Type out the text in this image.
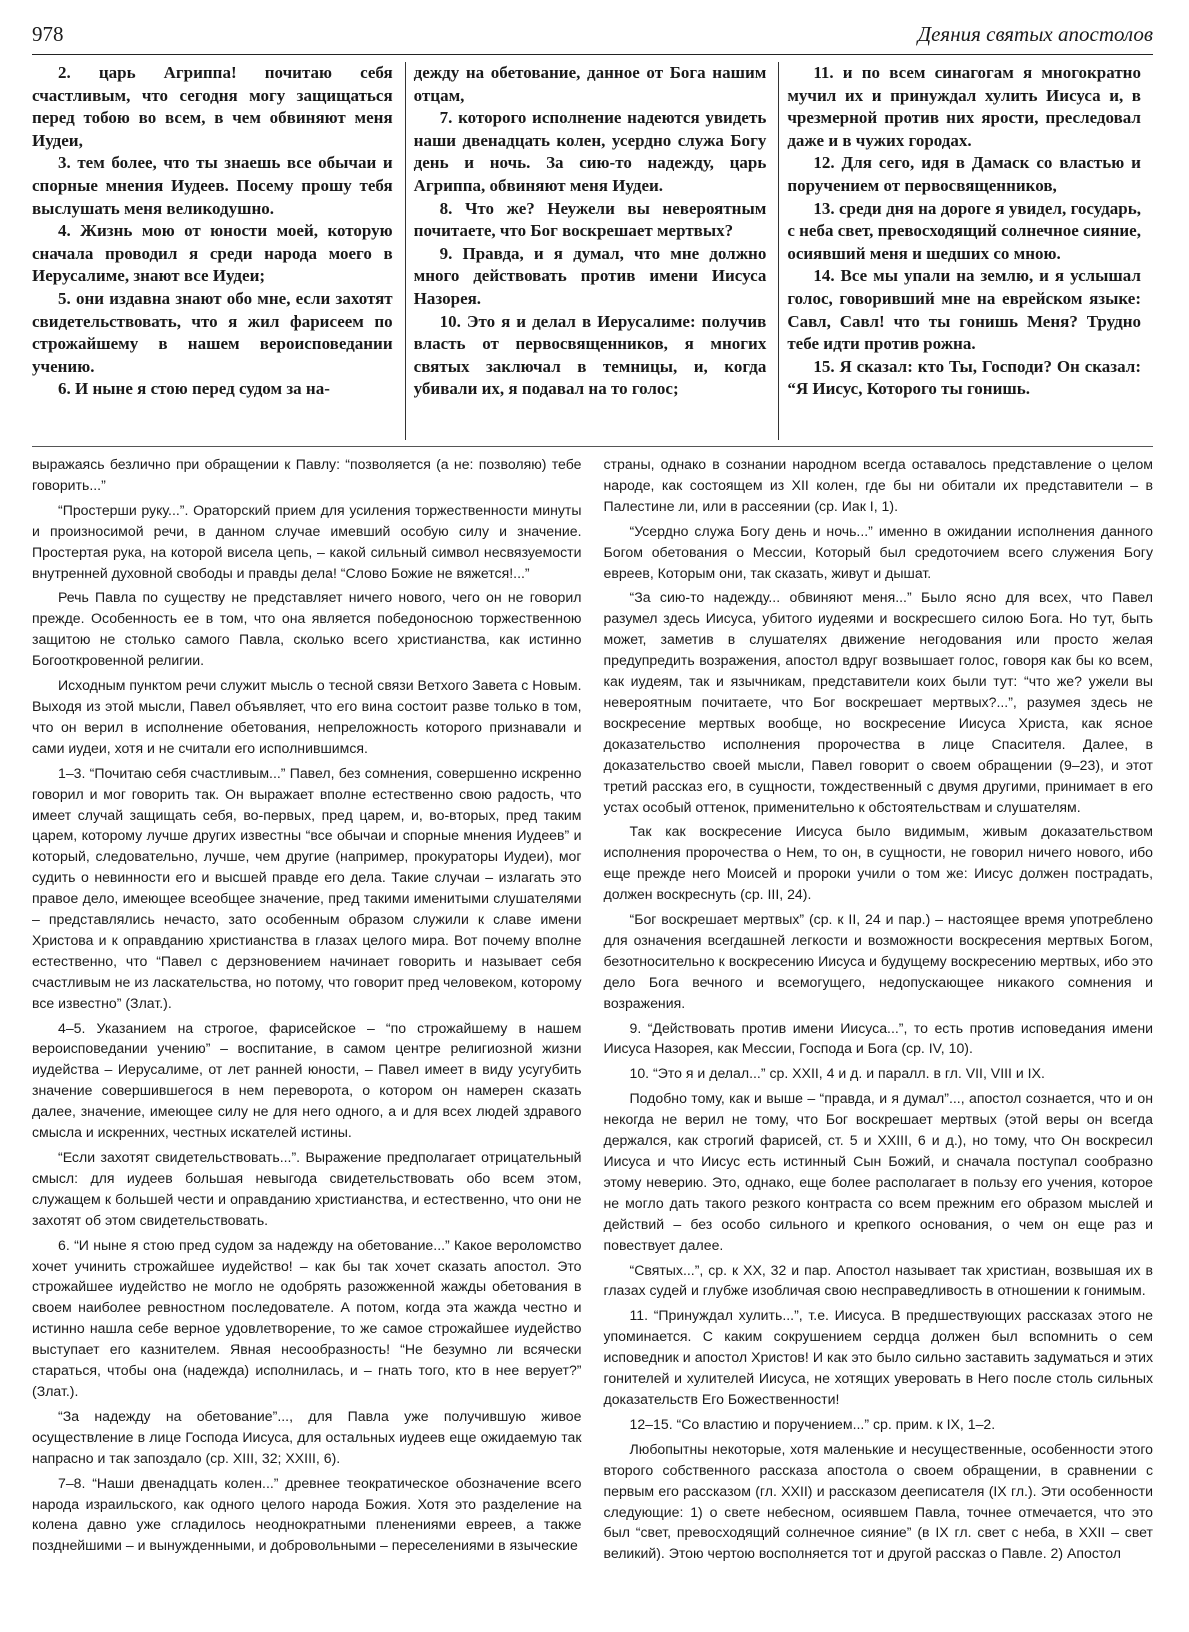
978	Деяния святых апостолов

2. царь Агриппа! почитаю себя счастливым, что сегодня могу защищаться перед тобою во всем, в чем обвиняют меня Иудеи,

3. тем более, что ты знаешь все обычаи и спорные мнения Иудеев. Посему прошу тебя выслушать меня великодушно.

4. Жизнь мою от юности моей, которую сначала проводил я среди народа моего в Иерусалиме, знают все Иудеи;

5. они издавна знают обо мне, если захотят свидетельствовать, что я жил фарисеем по строжайшему в нашем вероисповедании учению.

6. И ныне я стою перед судом за на-

дежду на обетование, данное от Бога нашим отцам,

7. которого исполнение надеются увидеть наши двенадцать колен, усердно служа Богу день и ночь. За сию-то надежду, царь Агриппа, обвиняют меня Иудеи.

8. Что же? Неужели вы невероятным почитаете, что Бог воскрешает мертвых?

9. Правда, и я думал, что мне должно много действовать против имени Иисуса Назорея.

10. Это я и делал в Иерусалиме: получив власть от первосвященников, я многих святых заключал в темницы, и, когда убивали их, я подавал на то голос;

11. и по всем синагогам я многократно мучил их и принуждал хулить Иисуса и, в чрезмерной против них ярости, преследовал даже и в чужих городах.

12. Для сего, идя в Дамаск со властью и поручением от первосвященников,

13. среди дня на дороге я увидел, государь, с неба свет, превосходящий солнечное сияние, осиявший меня и шедших со мною.

14. Все мы упали на землю, и я услышал голос, говоривший мне на еврейском языке: Савл, Савл! что ты гонишь Меня? Трудно тебе идти против рожна.

15. Я сказал: кто Ты, Господи? Он сказал: “Я Иисус, Которого ты гонишь.

выражаясь безлично при обращении к Павлу: “позволяется (а не: позволяю) тебе говорить...”

“Простерши руку...”. Ораторский прием для усиления торжественности минуты и произносимой речи, в данном случае имевший особую силу и значение. Простертая рука, на которой висела цепь, – какой сильный символ несвязуемости внутренней духовной свободы и правды дела! “Слово Божие не вяжется!...”

Речь Павла по существу не представляет ничего нового, чего он не говорил прежде. Особенность ее в том, что она является победоносною торжественною защитою не столько самого Павла, сколько всего христианства, как истинно Богооткровенной религии.

Исходным пунктом речи служит мысль о тесной связи Ветхого Завета с Новым. Выходя из этой мысли, Павел объявляет, что его вина состоит разве только в том, что он верил в исполнение обетования, непреложность которого признавали и сами иудеи, хотя и не считали его исполнившимся.

1–3. “Почитаю себя счастливым...” Павел, без сомнения, совершенно искренно говорил и мог говорить так. Он выражает вполне естественно свою радость, что имеет случай защищать себя, во-первых, пред царем, и, во-вторых, пред таким царем, которому лучше других известны “все обычаи и спорные мнения Иудеев” и который, следовательно, лучше, чем другие (например, прокураторы Иудеи), мог судить о невинности его и высшей правде его дела. Такие случаи – излагать это правое дело, имеющее всеобщее значение, пред такими именитыми слушателями – представлялись нечасто, зато особенным образом служили к славе имени Христова и к оправданию христианства в глазах целого мира. Вот почему вполне естественно, что “Павел с дерзновением начинает говорить и называет себя счастливым не из ласкательства, но потому, что говорит пред человеком, которому все известно” (Злат.).

4–5. Указанием на строгое, фарисейское – “по строжайшему в нашем вероисповедании учению” – воспитание, в самом центре религиозной жизни иудейства – Иерусалиме, от лет ранней юности, – Павел имеет в виду усугубить значение совершившегося в нем переворота, о котором он намерен сказать далее, значение, имеющее силу не для него одного, а и для всех людей здравого смысла и искренних, честных искателей истины.

“Если захотят свидетельствовать...”. Выражение предполагает отрицательный смысл: для иудеев большая невыгода свидетельствовать обо всем этом, служащем к большей чести и оправданию христианства, и естественно, что они не захотят об этом свидетельствовать.

6. “И ныне я стою пред судом за надежду на обетование...” Какое вероломство хочет учинить строжайшее иудейство! – как бы так хочет сказать апостол. Это строжайшее иудейство не могло не одобрять разожженной жажды обетования в своем наиболее ревностном последователе. А потом, когда эта жажда честно и истинно нашла себе верное удовлетворение, то же самое строжайшее иудейство выступает его казнителем. Явная несообразность! “Не безумно ли всячески стараться, чтобы она (надежда) исполнилась, и – гнать того, кто в нее верует?” (Злат.).

“За надежду на обетование”..., для Павла уже получившую живое осуществление в лице Господа Иисуса, для остальных иудеев еще ожидаемую так напрасно и так запоздало (ср. XIII, 32; XXIII, 6).

7–8. “Наши двенадцать колен...” древнее теократическое обозначение всего народа израильского, как одного целого народа Божия. Хотя это разделение на колена давно уже сгладилось неоднократными пленениями евреев, а также позднейшими – и вынужденными, и добровольными – переселениями в языческие

страны, однако в сознании народном всегда оставалось представление о целом народе, как состоящем из XII колен, где бы ни обитали их представители – в Палестине ли, или в рассеянии (ср. Иак I, 1).

“Усердно служа Богу день и ночь...” именно в ожидании исполнения данного Богом обетования о Мессии, Который был средоточием всего служения Богу евреев, Которым они, так сказать, живут и дышат.

“За сию-то надежду... обвиняют меня...” Было ясно для всех, что Павел разумел здесь Иисуса, убитого иудеями и воскресшего силою Бога. Но тут, быть может, заметив в слушателях движение негодования или просто желая предупредить возражения, апостол вдруг возвышает голос, говоря как бы ко всем, как иудеям, так и язычникам, представители коих были тут: “что же? ужели вы невероятным почитаете, что Бог воскрешает мертвых?...”, разумея здесь не воскресение мертвых вообще, но воскресение Иисуса Христа, как ясное доказательство исполнения пророчества в лице Спасителя. Далее, в доказательство своей мысли, Павел говорит о своем обращении (9–23), и этот третий рассказ его, в сущности, тождественный с двумя другими, принимает в его устах особый оттенок, применительно к обстоятельствам и слушателям.

Так как воскресение Иисуса было видимым, живым доказательством исполнения пророчества о Нем, то он, в сущности, не говорил ничего нового, ибо еще прежде него Моисей и пророки учили о том же: Иисус должен пострадать, должен воскреснуть (ср. III, 24).

“Бог воскрешает мертвых” (ср. к II, 24 и пар.) – настоящее время употреблено для означения всегдашней легкости и возможности воскресения мертвых Богом, безотносительно к воскресению Иисуса и будущему воскресению мертвых, ибо это дело Бога вечного и всемогущего, недопускающее никакого сомнения и возражения.

9. “Действовать против имени Иисуса...”, то есть против исповедания имени Иисуса Назорея, как Мессии, Господа и Бога (ср. IV, 10).

10. “Это я и делал...” ср. XXII, 4 и д. и паралл. в гл. VII, VIII и IX.

Подобно тому, как и выше – “правда, и я думал”..., апостол сознается, что и он некогда не верил не тому, что Бог воскрешает мертвых (этой веры он всегда держался, как строгий фарисей, ст. 5 и XXIII, 6 и д.), но тому, что Он воскресил Иисуса и что Иисус есть истинный Сын Божий, и сначала поступал сообразно этому неверию. Это, однако, еще более располагает в пользу его учения, которое не могло дать такого резкого контраста со всем прежним его образом мыслей и действий – без особо сильного и крепкого основания, о чем он еще раз и повествует далее.

“Святых...”, ср. к XX, 32 и пар. Апостол называет так христиан, возвышая их в глазах судей и глубже изобличая свою несправедливость в отношении к гонимым.

11. “Принуждал хулить...”, т.е. Иисуса. В предшествующих рассказах этого не упоминается. С каким сокрушением сердца должен был вспомнить о сем исповедник и апостол Христов! И как это было сильно заставить задуматься и этих гонителей и хулителей Иисуса, не хотящих уверовать в Него после столь сильных доказательств Его Божественности!

12–15. “Со властию и поручением...” ср. прим. к IX, 1–2.

Любопытны некоторые, хотя маленькие и несущественные, особенности этого второго собственного рассказа апостола о своем обращении, в сравнении с первым его рассказом (гл. XXII) и рассказом дееписателя (IX гл.). Эти особенности следующие: 1) о свете небесном, осиявшем Павла, точнее отмечается, что это был “свет, превосходящий солнечное сияние” (в IX гл. свет с неба, в XXII – свет великий). Этою чертою восполняется тот и другой рассказ о Павле. 2) Апостол
